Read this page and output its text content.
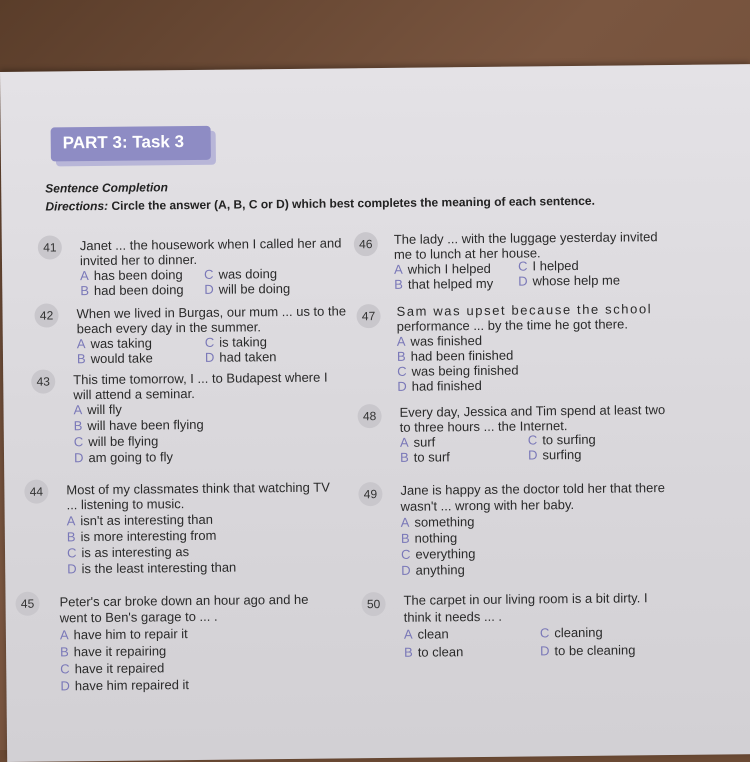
PART 3: Task 3
Sentence Completion
Directions: Circle the answer (A, B, C or D) which best completes the meaning of each sentence.
41	Janet ... the housework when I called her and
invited her to dinner.
A has been doing C was doing
B had been doing D will be doing
42	When we lived in Burgas, our mum ... us to the
beach every day in the summer.
A was taking	C is taking
B would take	D had taken
43	This time tomorrow, I ... to Budapest where I
will attend a seminar.
A will fly
B will have been flying
C will be flying
D am going to fly
44	Most of my classmates think that watching TV
... listening to music.
A isn't as interesting than
B is more interesting from
C is as interesting as
D is the least interesting than
45	Peter's car broke down an hour ago and he
went to Ben's garage to ... .
A have him to repair it
B have it repairing
C have it repaired
D have him repaired it
46	The lady ... with the luggage yesterday invited
me to lunch at her house.
A which I helped C I helped
B that helped my D whose help me
47	Sam was upset because the school
performance ... by the time he got there.
A was finished
B had been finished
C was being finished
D had finished
48	Every day, Jessica and Tim spend at least two
to three hours ... the Internet.
A surf	C to surfing
B to surf	D surfing
49	Jane is happy as the doctor told her that there
wasn't ... wrong with her baby.
A something
B nothing
C everything
D anything
50	The carpet in our living room is a bit dirty. I
think it needs ... .
A clean	C cleaning
B to clean	D to be cleaning
